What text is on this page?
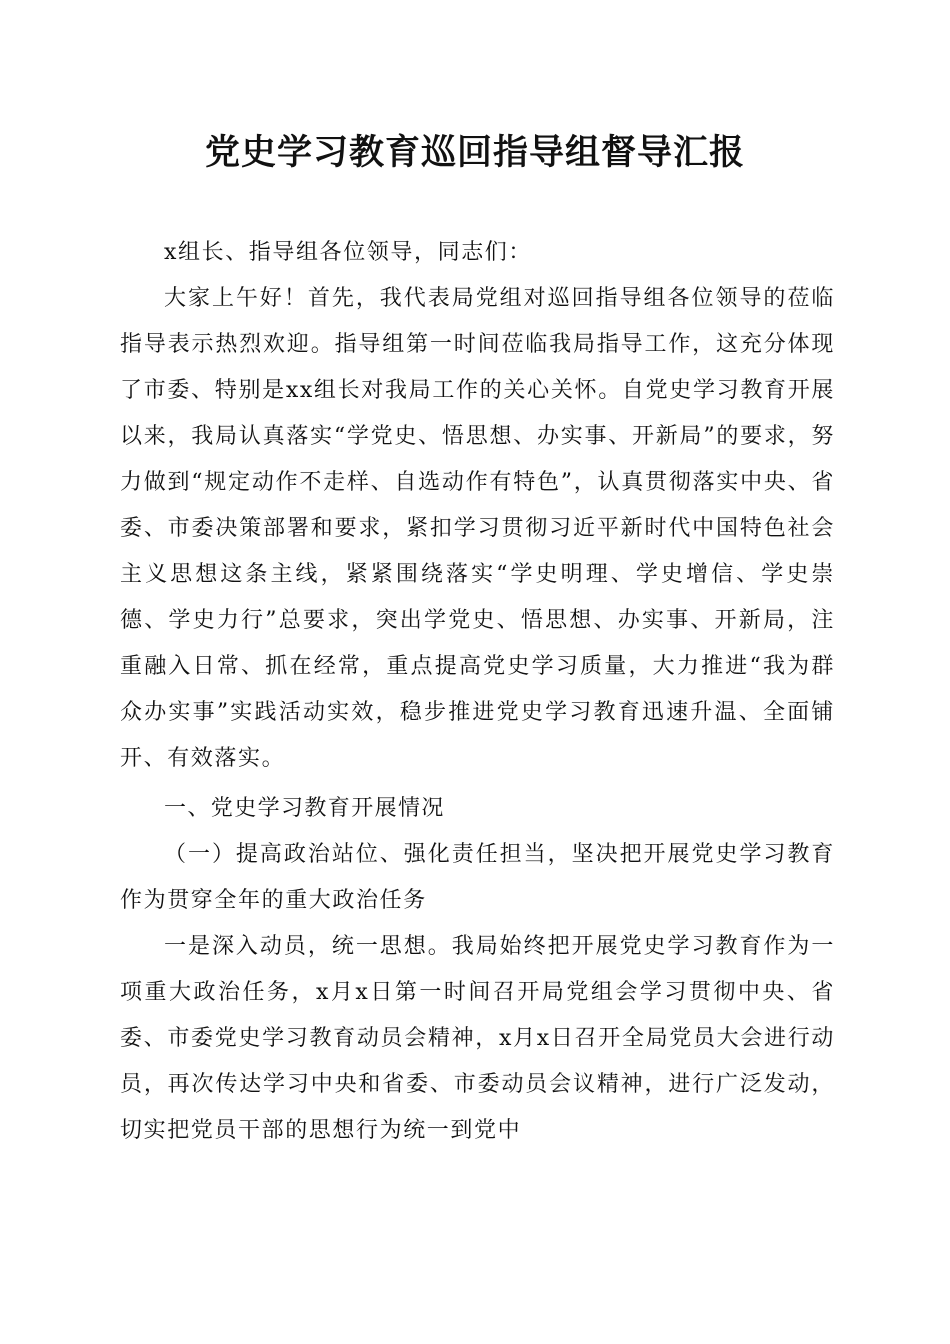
党史学习教育巡回指导组督导汇报

x组长、指导组各位领导，同志们：

大家上午好！首先，我代表局党组对巡回指导组各位领导的莅临指导表示热烈欢迎。指导组第一时间莅临我局指导工作，这充分体现了市委、特别是xx组长对我局工作的关心关怀。自党史学习教育开展以来，我局认真落实“学党史、悟思想、办实事、开新局”的要求，努力做到“规定动作不走样、自选动作有特色”，认真贯彻落实中央、省委、市委决策部署和要求，紧扣学习贯彻习近平新时代中国特色社会主义思想这条主线，紧紧围绕落实“学史明理、学史增信、学史崇德、学史力行”总要求，突出学党史、悟思想、办实事、开新局，注重融入日常、抓在经常，重点提高党史学习质量，大力推进“我为群众办实事”实践活动实效，稳步推进党史学习教育迅速升温、全面铺开、有效落实。

一、党史学习教育开展情况

（一）提高政治站位、强化责任担当，坚决把开展党史学习教育作为贯穿全年的重大政治任务

一是深入动员，统一思想。我局始终把开展党史学习教育作为一项重大政治任务，x月x日第一时间召开局党组会学习贯彻中央、省委、市委党史学习教育动员会精神，x月x日召开全局党员大会进行动员，再次传达学习中央和省委、市委动员会议精神，进行广泛发动，切实把党员干部的思想行为统一到党中
